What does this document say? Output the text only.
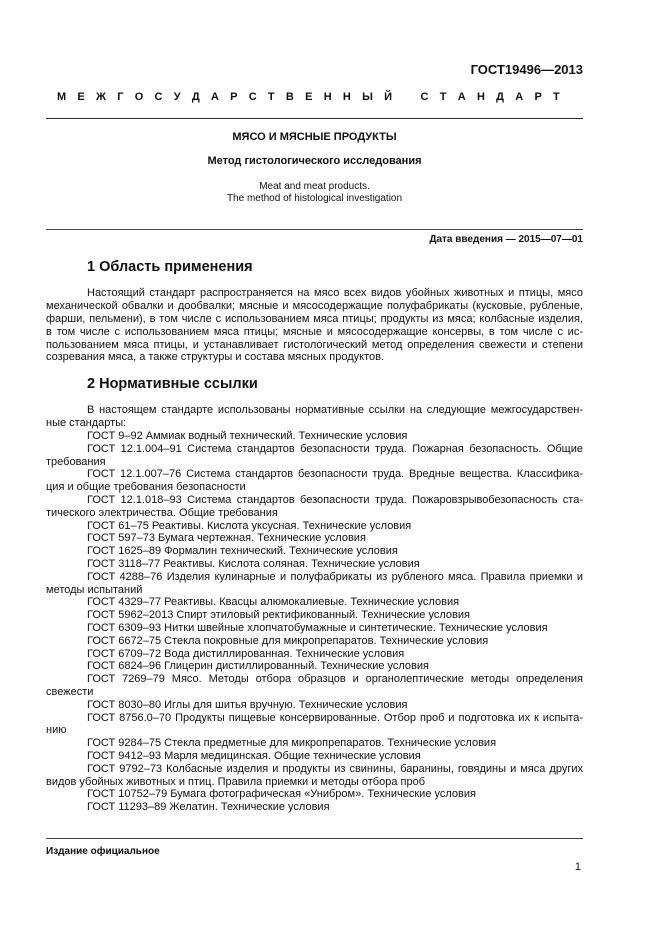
ГОСТ19496—2013
М Е Ж Г О С У Д А Р С Т В Е Н Н Ы Й	С Т А Н Д А Р Т
МЯСО И МЯСНЫЕ ПРОДУКТЫ
Метод гистологического исследования
Meat and meat products.
The method of histological investigation
Дата введения — 2015—07—01
1 Область применения
Настоящий стандарт распространяется на мясо всех видов убойных животных и птицы, мясо
механической обвалки и дообвалки; мясные и мясосодержащие полуфабрикаты (кусковые, рубленые,
фарши, пельмени), в том числе с использованием мяса птицы; продукты из мяса; колбасные изделия,
в том числе с использованием мяса птицы; мясные и мясосодержащие консервы, в том числе с ис-
пользованием мяса птицы, и устанавливает гистологический метод определения свежести и степени
созревания мяса, а также структуры и состава мясных продуктов.
2 Нормативные ссылки
В настоящем стандарте использованы нормативные ссылки на следующие межгосударствен-
ные стандарты:
ГОСТ 9–92 Аммиак водный технический. Технические условия
ГОСТ 12.1.004–91 Система стандартов безопасности труда. Пожарная безопасность. Общие
требования
ГОСТ 12.1.007–76 Система стандартов безопасности труда. Вредные вещества. Классифика-
ция и общие требования безопасности
ГОСТ 12.1.018–93 Система стандартов безопасности труда. Пожаровзрывобезопасность ста-
тического электричества. Общие требования
ГОСТ 61–75 Реактивы. Кислота уксусная. Технические условия
ГОСТ 597–73 Бумага чертежная. Технические условия
ГОСТ 1625–89 Формалин технический. Технические условия
ГОСТ 3118–77 Реактивы. Кислота соляная. Технические условия
ГОСТ 4288–76 Изделия кулинарные и полуфабрикаты из рубленого мяса. Правила приемки и
методы испытаний
ГОСТ 4329–77 Реактивы. Квасцы алюмокалиевые. Технические условия
ГОСТ 5962–2013 Спирт этиловый ректификованный. Технические условия
ГОСТ 6309–93 Нитки швейные хлопчатобумажные и синтетические. Технические условия
ГОСТ 6672–75 Стекла покровные для микропрепаратов. Технические условия
ГОСТ 6709–72 Вода дистиллированная. Технические условия
ГОСТ 6824–96 Глицерин дистиллированный. Технические условия
ГОСТ 7269–79 Мясо. Методы отбора образцов и органолептические методы определения
свежести
ГОСТ 8030–80 Иглы для шитья вручную. Технические условия
ГОСТ 8756.0–70 Продукты пищевые консервированные. Отбор проб и подготовка их к испыта-
нию
ГОСТ 9284–75 Стекла предметные для микропрепаратов. Технические условия
ГОСТ 9412–93 Марля медицинская. Общие технические условия
ГОСТ 9792–73 Колбасные изделия и продукты из свинины, баранины, говядины и мяса других
видов убойных животных и птиц. Правила приемки и методы отбора проб
ГОСТ 10752–79 Бумага фотографическая «Унибром». Технические условия
ГОСТ 11293–89 Желатин. Технические условия
Издание официальное
1
